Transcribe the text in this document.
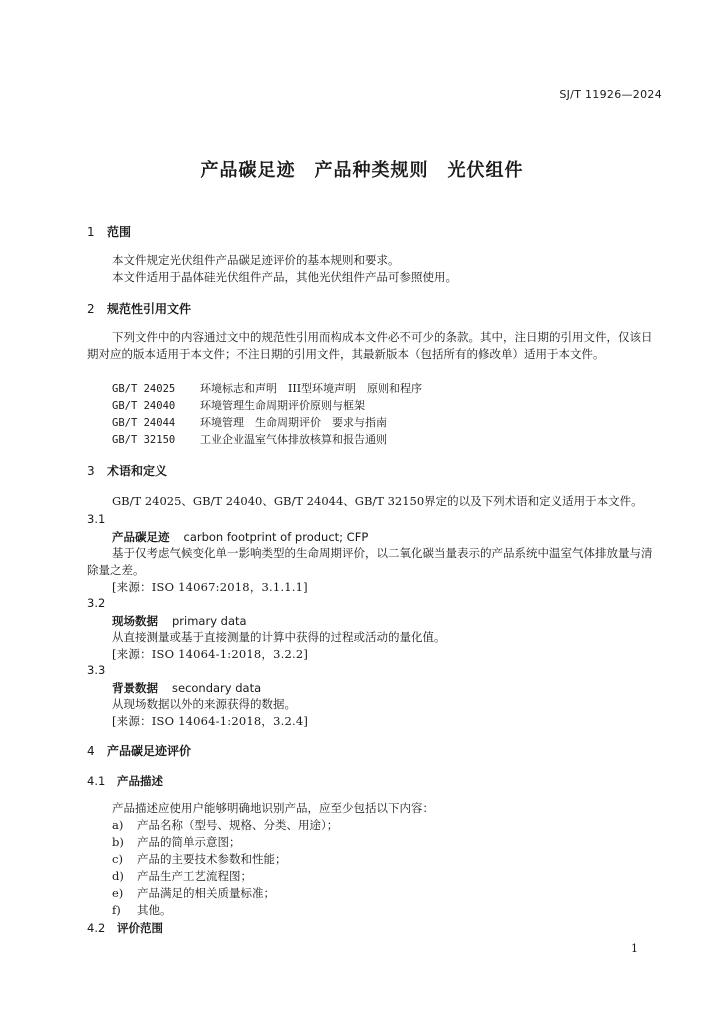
SJ/T 11926—2024
产品碳足迹　产品种类规则　光伏组件
1 范围
本文件规定光伏组件产品碳足迹评价的基本规则和要求。
本文件适用于晶体硅光伏组件产品，其他光伏组件产品可参照使用。
2 规范性引用文件
下列文件中的内容通过文中的规范性引用而构成本文件必不可少的条款。其中，注日期的引用文件，仅该日期对应的版本适用于本文件；不注日期的引用文件，其最新版本（包括所有的修改单）适用于本文件。
GB/T 24025 环境标志和声明　III型环境声明　原则和程序
GB/T 24040 环境管理生命周期评价原则与框架
GB/T 24044 环境管理　生命周期评价　要求与指南
GB/T 32150 工业企业温室气体排放核算和报告通则
3 术语和定义
GB/T 24025、GB/T 24040、GB/T 24044、GB/T 32150界定的以及下列术语和定义适用于本文件。
3.1
产品碳足迹 carbon footprint of product; CFP
基于仅考虑气候变化单一影响类型的生命周期评价，以二氧化碳当量表示的产品系统中温室气体排放量与清除量之差。
[来源：ISO 14067:2018，3.1.1.1]
3.2
现场数据 primary data
从直接测量或基于直接测量的计算中获得的过程或活动的量化值。
[来源：ISO 14064-1:2018，3.2.2]
3.3
背景数据 secondary data
从现场数据以外的来源获得的数据。
[来源：ISO 14064-1:2018，3.2.4]
4 产品碳足迹评价
4.1 产品描述
产品描述应使用户能够明确地识别产品，应至少包括以下内容：
a) 产品名称（型号、规格、分类、用途）；
b) 产品的简单示意图；
c) 产品的主要技术参数和性能；
d) 产品生产工艺流程图；
e) 产品满足的相关质量标准；
f) 其他。
4.2 评价范围
1
